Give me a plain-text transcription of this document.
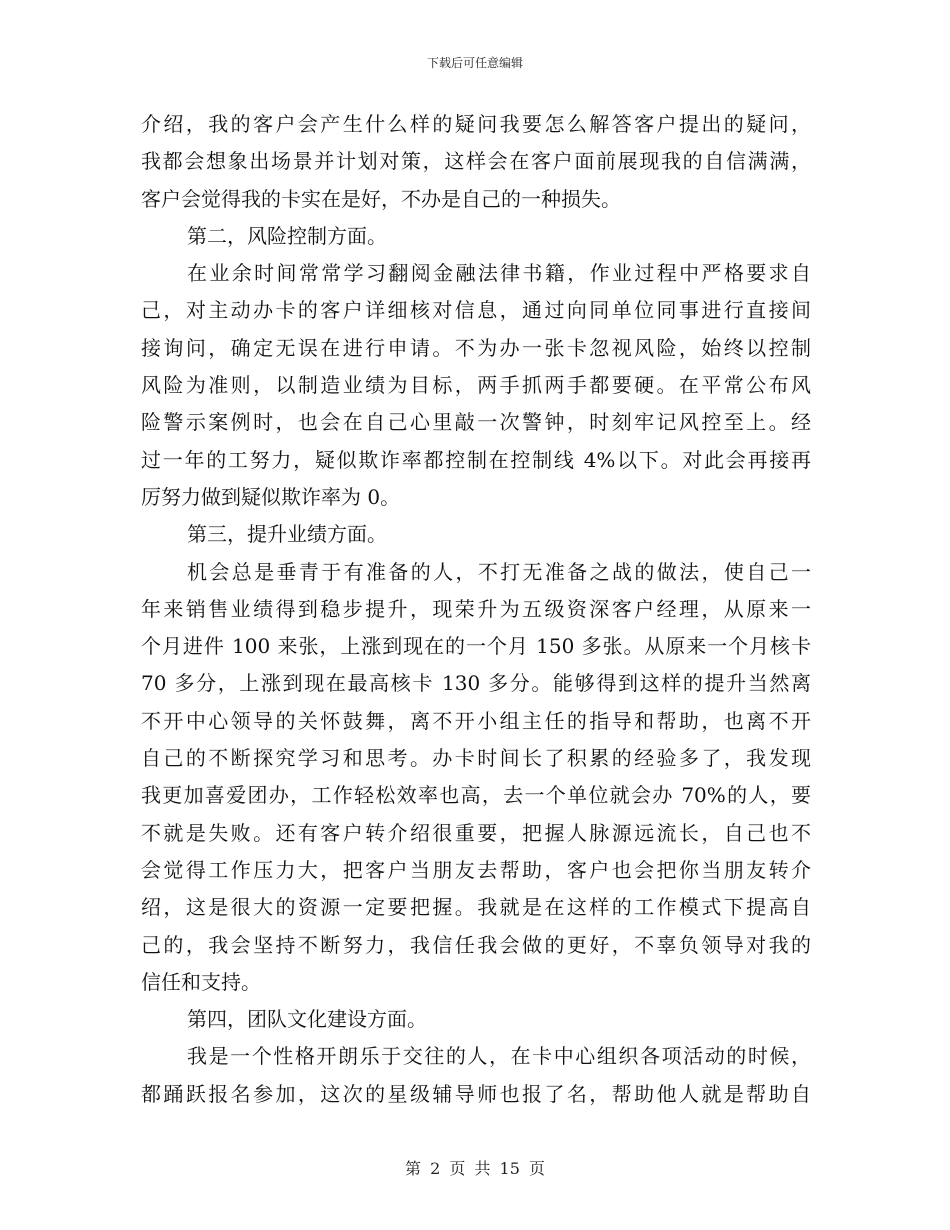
下载后可任意编辑
介绍，我的客户会产生什么样的疑问我要怎么解答客户提出的疑问，
我都会想象出场景并计划对策，这样会在客户面前展现我的自信满满，
客户会觉得我的卡实在是好，不办是自己的一种损失。
第二，风险控制方面。
在业余时间常常学习翻阅金融法律书籍，作业过程中严格要求自
己，对主动办卡的客户详细核对信息，通过向同单位同事进行直接间
接询问，确定无误在进行申请。不为办一张卡忽视风险，始终以控制
风险为准则，以制造业绩为目标，两手抓两手都要硬。在平常公布风
险警示案例时，也会在自己心里敲一次警钟，时刻牢记风控至上。经
过一年的工努力，疑似欺诈率都控制在控制线 4%以下。对此会再接再
厉努力做到疑似欺诈率为 0。
第三，提升业绩方面。
机会总是垂青于有准备的人，不打无准备之战的做法，使自己一
年来销售业绩得到稳步提升，现荣升为五级资深客户经理，从原来一
个月进件 100 来张，上涨到现在的一个月 150 多张。从原来一个月核卡
70 多分，上涨到现在最高核卡 130 多分。能够得到这样的提升当然离
不开中心领导的关怀鼓舞，离不开小组主任的指导和帮助，也离不开
自己的不断探究学习和思考。办卡时间长了积累的经验多了，我发现
我更加喜爱团办，工作轻松效率也高，去一个单位就会办 70%的人，要
不就是失败。还有客户转介绍很重要，把握人脉源远流长，自己也不
会觉得工作压力大，把客户当朋友去帮助，客户也会把你当朋友转介
绍，这是很大的资源一定要把握。我就是在这样的工作模式下提高自
己的，我会坚持不断努力，我信任我会做的更好，不辜负领导对我的
信任和支持。
第四，团队文化建设方面。
我是一个性格开朗乐于交往的人，在卡中心组织各项活动的时候，
都踊跃报名参加，这次的星级辅导师也报了名，帮助他人就是帮助自
第 2 页 共 15 页
